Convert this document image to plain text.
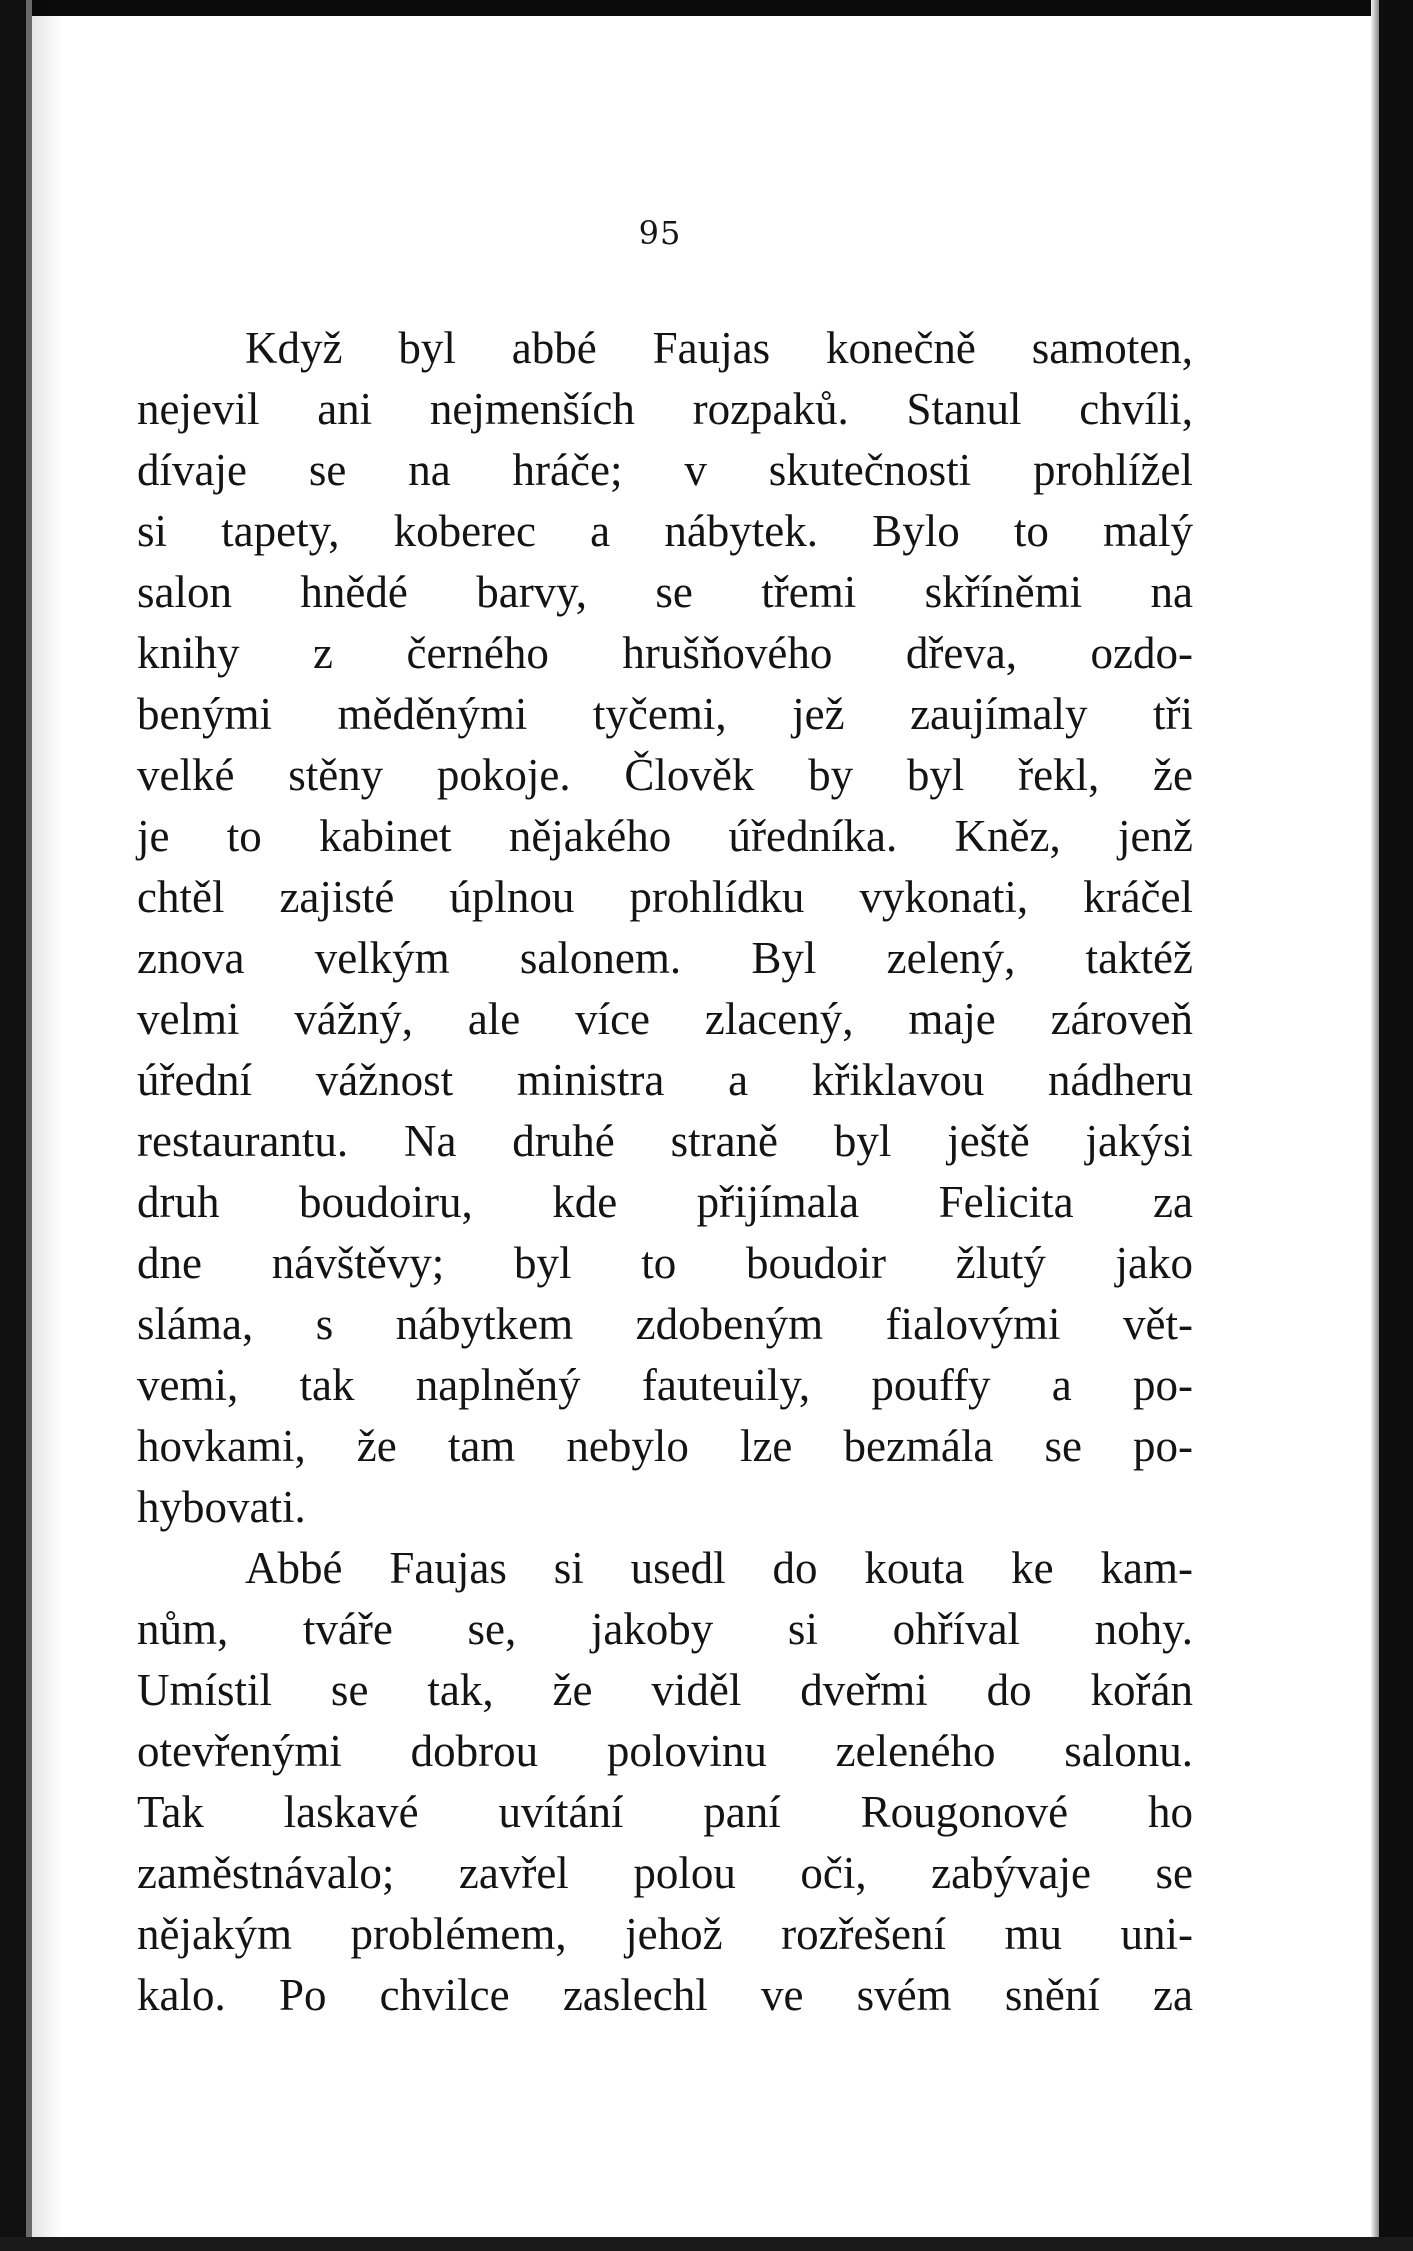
95
Když byl abbé Faujas konečně samoten,
nejevil ani nejmenších rozpaků. Stanul chvíli,
dívaje se na hráče; v skutečnosti prohlížel
si tapety, koberec a nábytek. Bylo to malý
salon hnědé barvy, se třemi skříněmi na
knihy z černého hrušňového dřeva, ozdo-
benými měděnými tyčemi, jež zaujímaly tři
velké stěny pokoje. Člověk by byl řekl, že
je to kabinet nějakého úředníka. Kněz, jenž
chtěl zajisté úplnou prohlídku vykonati, kráčel
znova velkým salonem. Byl zelený, taktéž
velmi vážný, ale více zlacený, maje zároveň
úřední vážnost ministra a křiklavou nádheru
restaurantu. Na druhé straně byl ještě jakýsi
druh boudoiru, kde přijímala Felicita za
dne návštěvy; byl to boudoir žlutý jako
sláma, s nábytkem zdobeným fialovými vět-
vemi, tak naplněný fauteuily, pouffy a po-
hovkami, že tam nebylo lze bezmála se po-
hybovati.
Abbé Faujas si usedl do kouta ke kam-
nům, tváře se, jakoby si ohříval nohy.
Umístil se tak, že viděl dveřmi do kořán
otevřenými dobrou polovinu zeleného salonu.
Tak laskavé uvítání paní Rougonové ho
zaměstnávalo; zavřel polou oči, zabývaje se
nějakým problémem, jehož rozřešení mu uni-
kalo. Po chvilce zaslechl ve svém snění za
